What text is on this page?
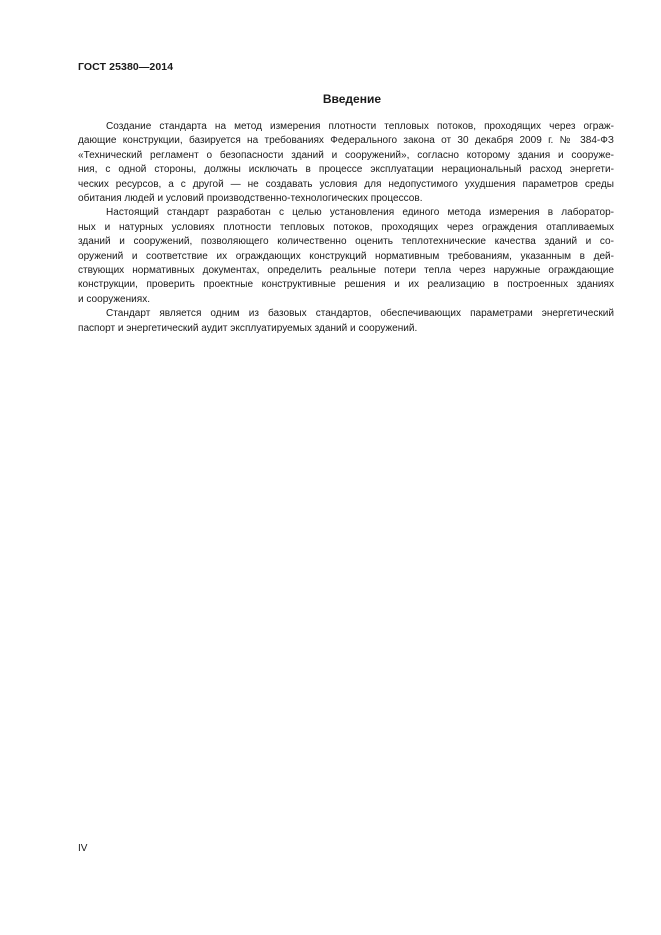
ГОСТ 25380—2014
Введение

Создание стандарта на метод измерения плотности тепловых потоков, проходящих через ограж-
дающие конструкции, базируется на требованиях Федерального закона от 30 декабря 2009 г. № 384-ФЗ
«Технический регламент о безопасности зданий и сооружений», согласно которому здания и сооруже-
ния, с одной стороны, должны исключать в процессе эксплуатации нерациональный расход энергети-
ческих ресурсов, а с другой — не создавать условия для недопустимого ухудшения параметров среды
обитания людей и условий производственно-технологических процессов.

Настоящий стандарт разработан с целью установления единого метода измерения в лаборатор-
ных и натурных условиях плотности тепловых потоков, проходящих через ограждения отапливаемых
зданий и сооружений, позволяющего количественно оценить теплотехнические качества зданий и со-
оружений и соответствие их ограждающих конструкций нормативным требованиям, указанным в дей-
ствующих нормативных документах, определить реальные потери тепла через наружные ограждающие
конструкции, проверить проектные конструктивные решения и их реализацию в построенных зданиях
и сооружениях.

Стандарт является одним из базовых стандартов, обеспечивающих параметрами энергетический
паспорт и энергетический аудит эксплуатируемых зданий и сооружений.

IV
